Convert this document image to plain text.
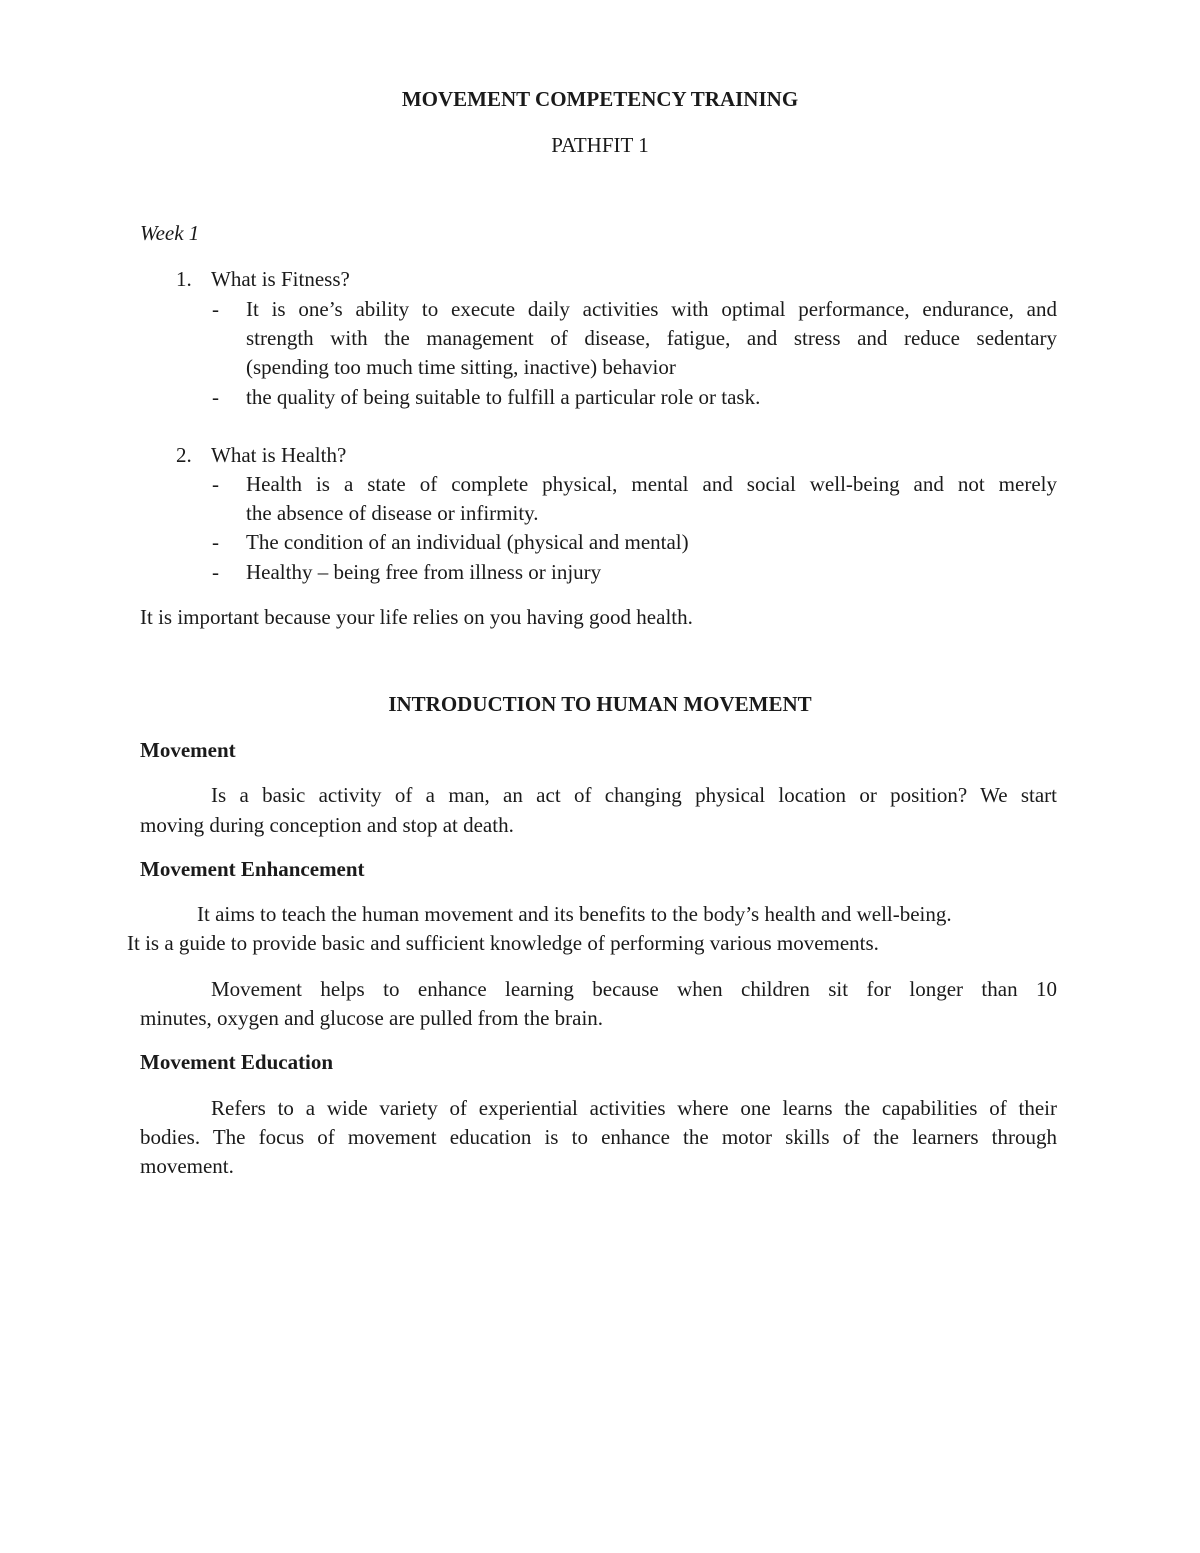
MOVEMENT COMPETENCY TRAINING
PATHFIT 1
Week 1
1. What is Fitness?
- It is one’s ability to execute daily activities with optimal performance, endurance, and
strength with the management of disease, fatigue, and stress and reduce sedentary
(spending too much time sitting, inactive) behavior
- the quality of being suitable to fulfill a particular role or task.
2. What is Health?
- Health is a state of complete physical, mental and social well-being and not merely
the absence of disease or infirmity.
- The condition of an individual (physical and mental)
- Healthy – being free from illness or injury
It is important because your life relies on you having good health.
INTRODUCTION TO HUMAN MOVEMENT
Movement
Is a basic activity of a man, an act of changing physical location or position? We start
moving during conception and stop at death.
Movement Enhancement
It aims to teach the human movement and its benefits to the body’s health and well-being.
It is a guide to provide basic and sufficient knowledge of performing various movements.
Movement helps to enhance learning because when children sit for longer than 10
minutes, oxygen and glucose are pulled from the brain.
Movement Education
Refers to a wide variety of experiential activities where one learns the capabilities of their
bodies. The focus of movement education is to enhance the motor skills of the learners through
movement.
